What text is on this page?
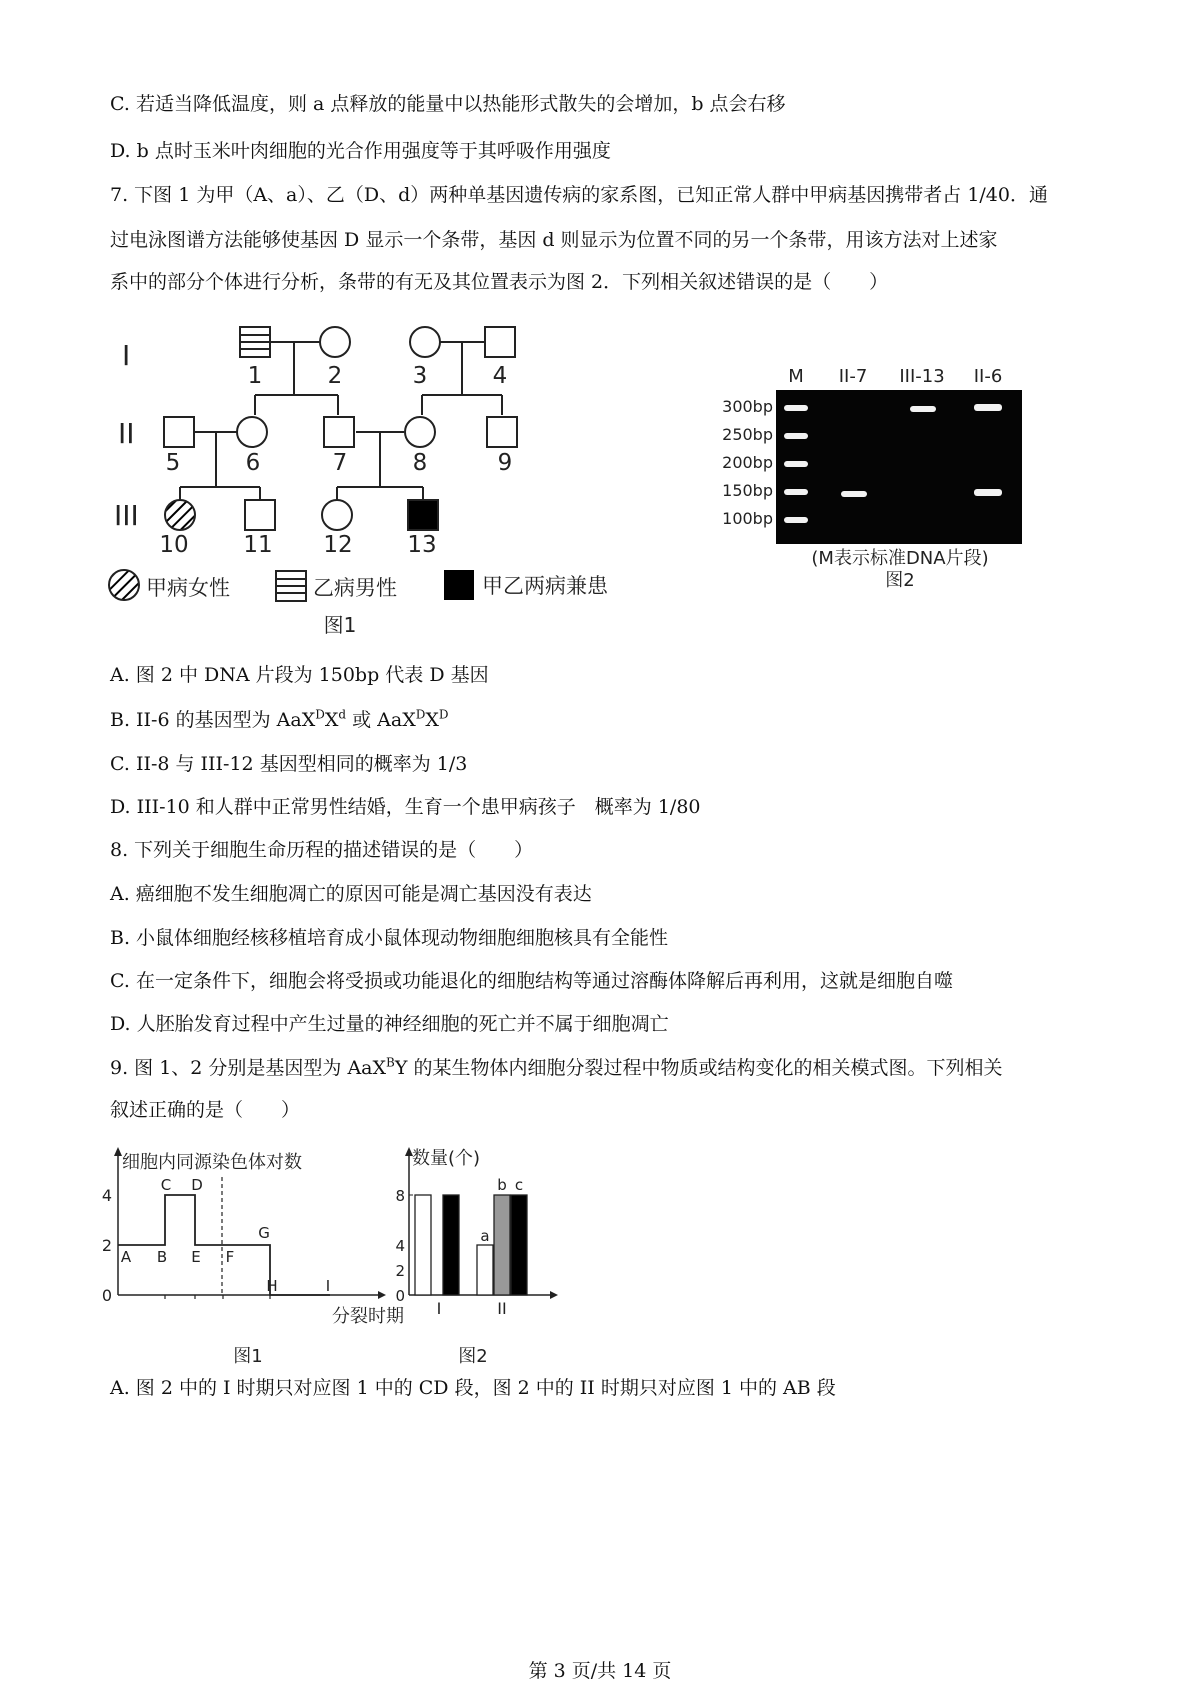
C. 若适当降低温度，则 a 点释放的能量中以热能形式散失的会增加，b 点会右移
D. b 点时玉米叶肉细胞的光合作用强度等于其呼吸作用强度
7. 下图 1 为甲（A、a）、乙（D、d）两种单基因遗传病的家系图，已知正常人群中甲病基因携带者占 1/40．通
过电泳图谱方法能够使基因 D 显示一个条带，基因 d 则显示为位置不同的另一个条带，用该方法对上述家
系中的部分个体进行分析，条带的有无及其位置表示为图 2．下列相关叙述错误的是（　　）
I
II
III
1	2	3	4
5	6	7	8	9
10 11 12 13
甲病女性	乙病男性	甲乙两病兼患
图1
M II-7 III-13 II-6
300bp
250bp
200bp
150bp
100bp
(M表示标准DNA片段)
图2
A. 图 2 中 DNA 片段为 150bp 代表 D 基因
B. II-6 的基因型为 $AaX^DX^d$ 或 $AaX^DX^D$
C. II-8 与 III-12 基因型相同的概率为 1/3
D. III-10 和人群中正常男性结婚，生育一个患甲病孩子　概率为 1/80
8. 下列关于细胞生命历程的描述错误的是（　　）
A. 癌细胞不发生细胞凋亡的原因可能是凋亡基因没有表达
B. 小鼠体细胞经核移植培育成小鼠体现动物细胞细胞核具有全能性
C. 在一定条件下，细胞会将受损或功能退化的细胞结构等通过溶酶体降解后再利用，这就是细胞自噬
D. 人胚胎发育过程中产生过量的神经细胞的死亡并不属于细胞凋亡
9. 图 1、2 分别是基因型为 AaX$^B$Y 的某生物体内细胞分裂过程中物质或结构变化的相关模式图。下列相关
叙述正确的是（　　）
细胞内同源染色体对数
分裂时期
0
2
4
A B
C D
E F
G
H	I
图1
数量(个)
0
2
4
8
a
b c
I	II
图2
A. 图 2 中的 I 时期只对应图 1 中的 CD 段，图 2 中的 II 时期只对应图 1 中的 AB 段
第 3 页/共 14 页
